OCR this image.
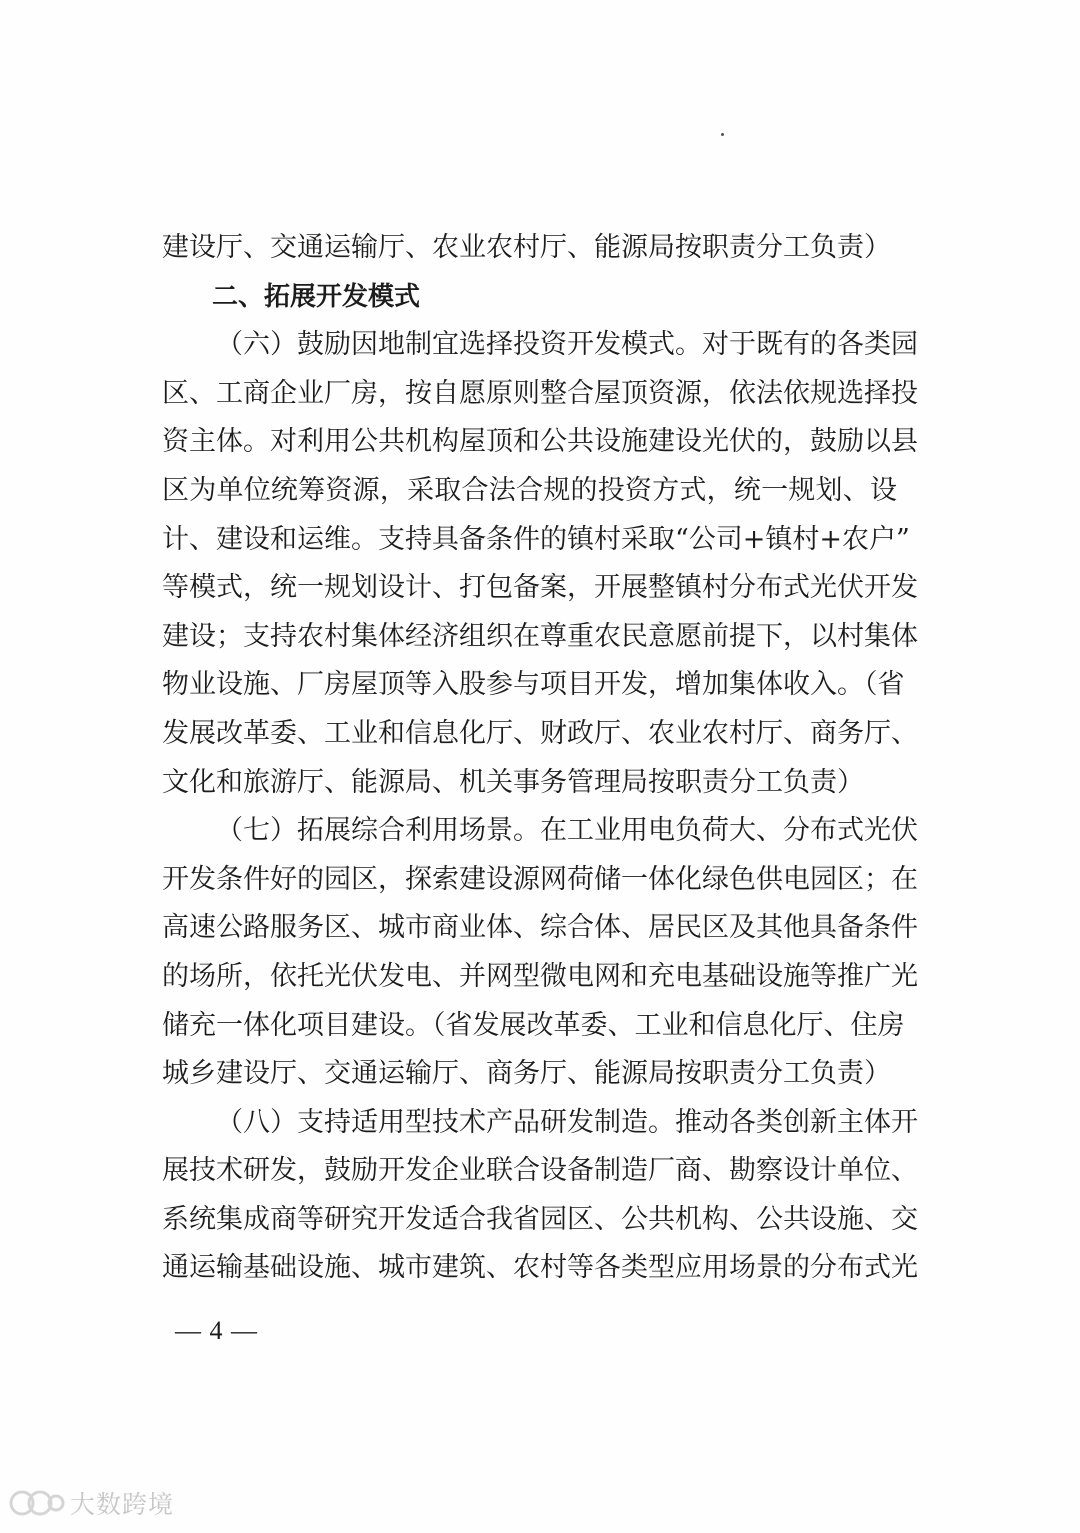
建设厅、交通运输厅、农业农村厅、能源局按职责分工负责）
二、拓展开发模式
（六）鼓励因地制宜选择投资开发模式。对于既有的各类园
区、工商企业厂房，按自愿原则整合屋顶资源，依法依规选择投
资主体。对利用公共机构屋顶和公共设施建设光伏的，鼓励以县
区为单位统筹资源，采取合法合规的投资方式，统一规划、设
计、建设和运维。支持具备条件的镇村采取“公司+镇村+农户”
等模式，统一规划设计、打包备案，开展整镇村分布式光伏开发
建设；支持农村集体经济组织在尊重农民意愿前提下，以村集体
物业设施、厂房屋顶等入股参与项目开发，增加集体收入。（省
发展改革委、工业和信息化厅、财政厅、农业农村厅、商务厅、
文化和旅游厅、能源局、机关事务管理局按职责分工负责）
（七）拓展综合利用场景。在工业用电负荷大、分布式光伏
开发条件好的园区，探索建设源网荷储一体化绿色供电园区；在
高速公路服务区、城市商业体、综合体、居民区及其他具备条件
的场所，依托光伏发电、并网型微电网和充电基础设施等推广光
储充一体化项目建设。（省发展改革委、工业和信息化厅、住房
城乡建设厅、交通运输厅、商务厅、能源局按职责分工负责）
（八）支持适用型技术产品研发制造。推动各类创新主体开
展技术研发，鼓励开发企业联合设备制造厂商、勘察设计单位、
系统集成商等研究开发适合我省园区、公共机构、公共设施、交
通运输基础设施、城市建筑、农村等各类型应用场景的分布式光
— 4 —
大数跨境
